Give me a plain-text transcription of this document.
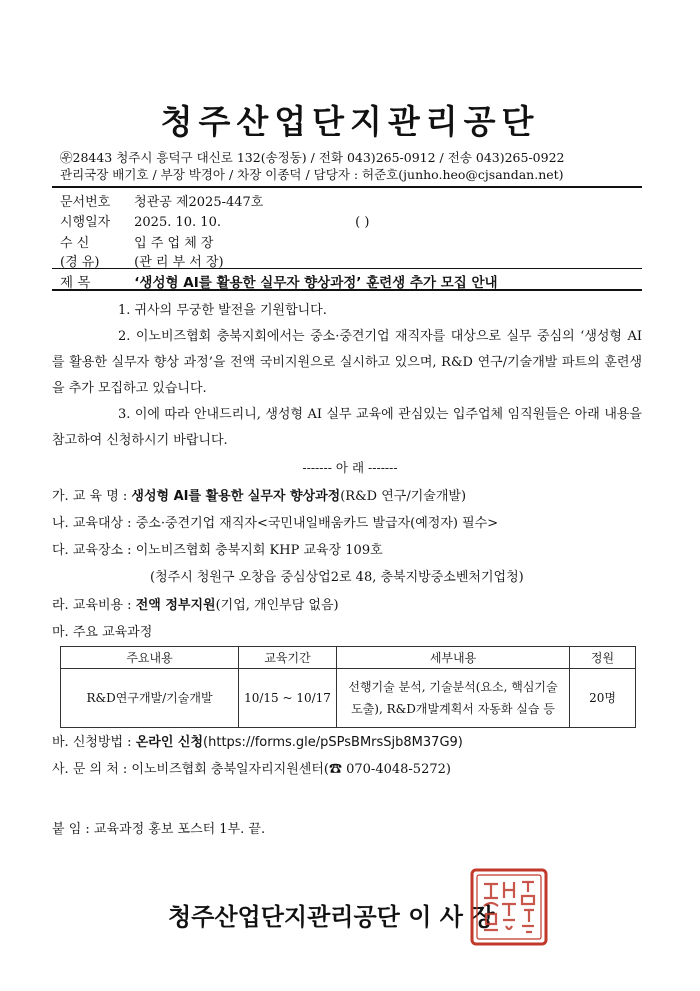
청주산업단지관리공단
㉾28443 청주시 흥덕구 대신로 132(송정동) / 전화 043)265-0912 / 전송 043)265-0922
관리국장 배기호 / 부장 박경아 / 차장 이종덕 / 담당자 : 허준호(junho.heo@cjsandan.net)
문서번호 청관공 제2025-447호
시행일자 2025. 10. 10.	( )
수 신	입 주 업 체 장
(경 유)	(관 리 부 서 장)
제 목	‘생성형 AI를 활용한 실무자 향상과정’ 훈련생 추가 모집 안내

1. 귀사의 무궁한 발전을 기원합니다.

2. 이노비즈협회 충북지회에서는 중소·중견기업 재직자를 대상으로 실무 중심의 ‘생성형 AI를 활용한 실무자 향상 과정’을 전액 국비지원으로 실시하고 있으며, R&D 연구/기술개발 파트의 훈련생을 추가 모집하고 있습니다.

3. 이에 따라 안내드리니, 생성형 AI 실무 교육에 관심있는 입주업체 임직원들은 아래 내용을 참고하여 신청하시기 바랍니다.

------- 아 래 -------
가. 교 육 명 : 생성형 AI를 활용한 실무자 향상과정(R&D 연구/기술개발)
나. 교육대상 : 중소·중견기업 재직자<국민내일배움카드 발급자(예정자) 필수>
다. 교육장소 : 이노비즈협회 충북지회 KHP 교육장 109호
(청주시 청원구 오창읍 중심상업2로 48, 충북지방중소벤처기업청)
라. 교육비용 : 전액 정부지원(기업, 개인부담 없음)
마. 주요 교육과정
주요내용	교육기간	세부내용	정원
R&D연구개발/기술개발	10/15 ~ 10/17	선행기술 분석, 기술분석(요소, 핵심기술
도출), R&D개발계획서 자동화 실습 등	20명
바. 신청방법 : 온라인 신청(https://forms.gle/pSPsBMrsSjb8M37G9)
사. 문 의 처 : 이노비즈협회 충북일자리지원센터(☎ 070-4048-5272)
붙 임 : 교육과정 홍보 포스터 1부. 끝.
청주산업단지관리공단 이 사 장
